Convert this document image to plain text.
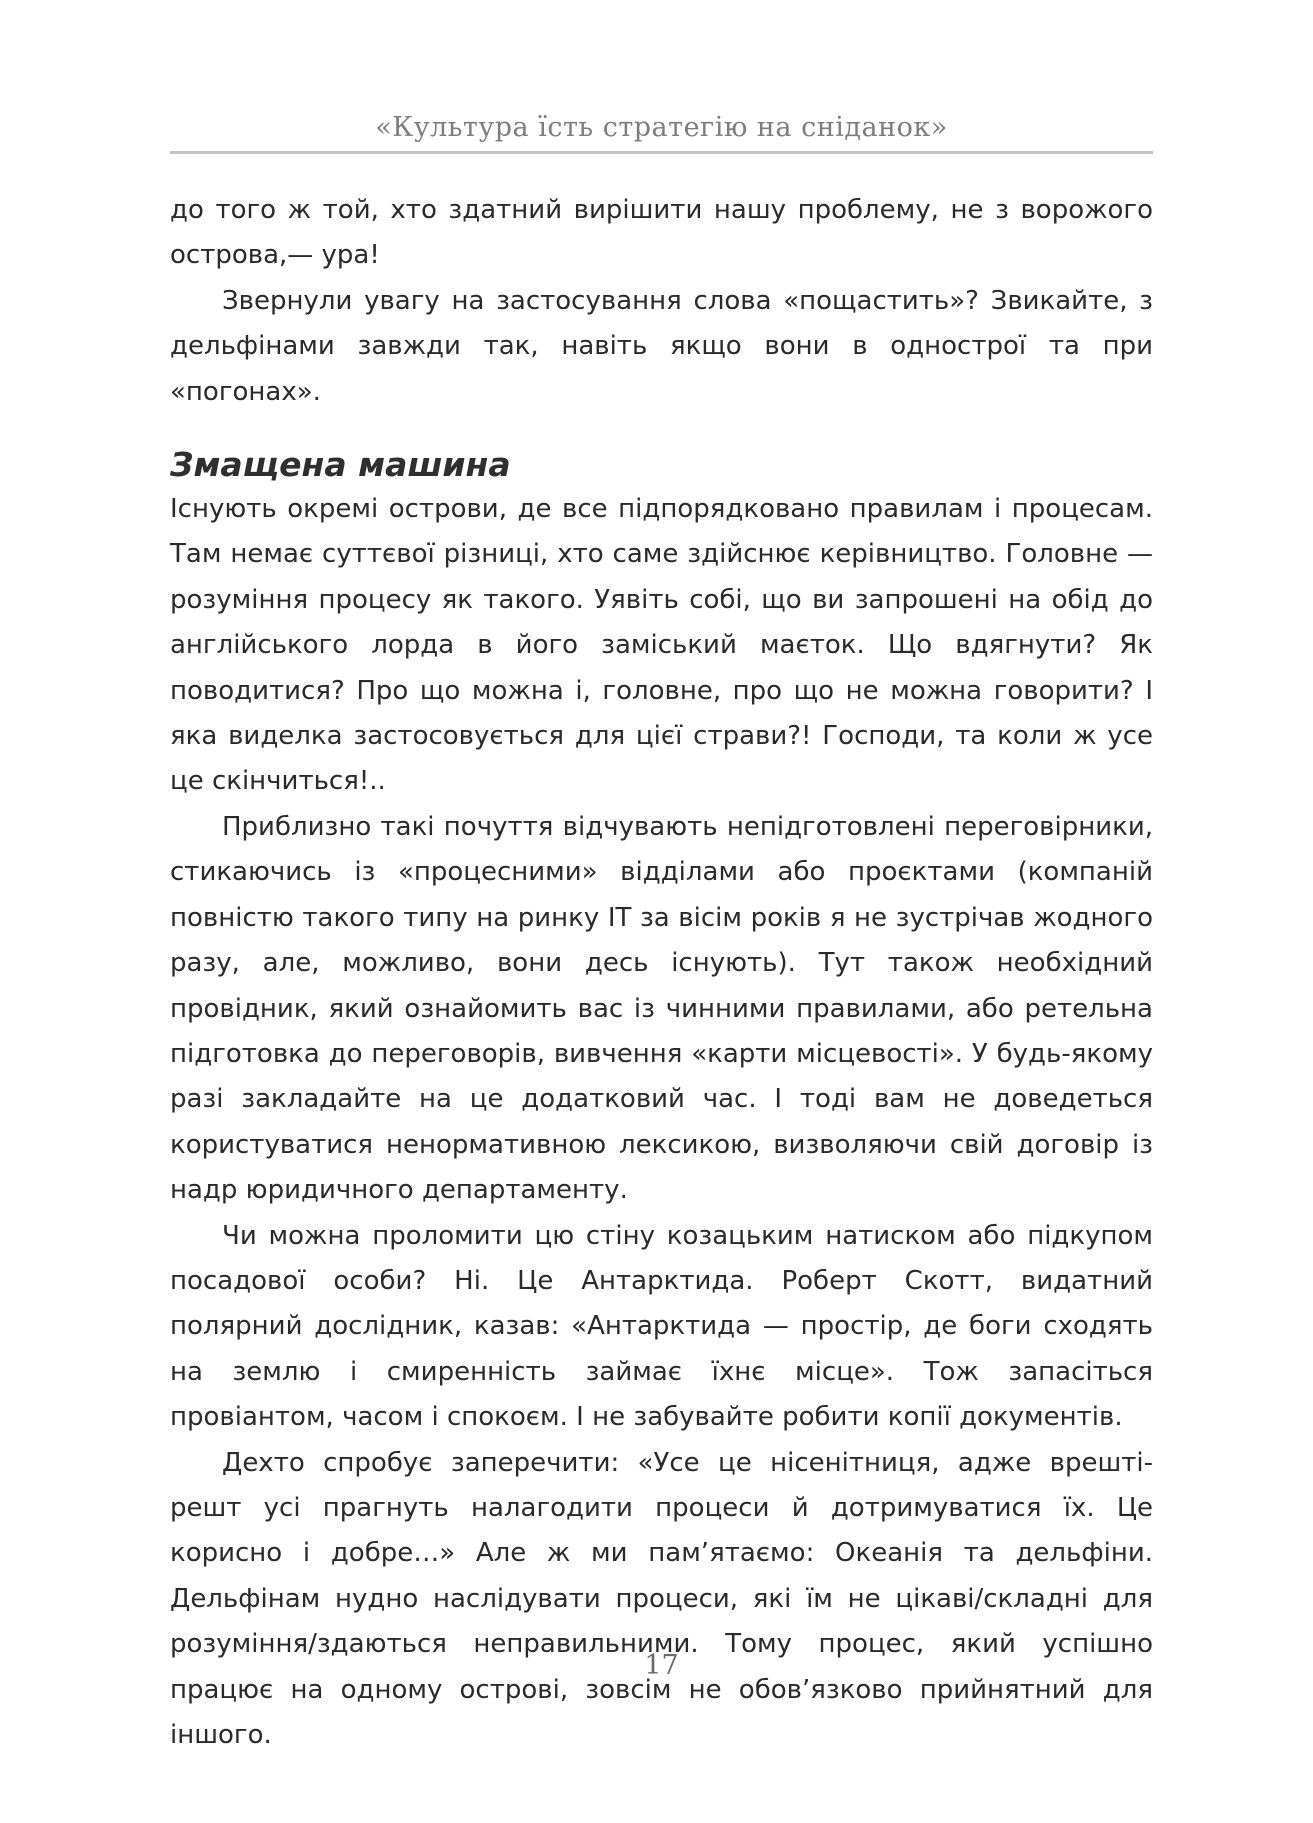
«Культура їсть стратегію на сніданок»

до того ж той, хто здатний вирішити нашу проблему, не з ворожого острова,— ура!

Звернули увагу на застосування слова «пощастить»? Звикайте, з дельфінами завжди так, навіть якщо вони в однострої та при «погонах».

Змащена машина

Існують окремі острови, де все підпорядковано правилам і процесам. Там немає суттєвої різниці, хто саме здійснює керівництво. Головне — розуміння процесу як такого. Уявіть собі, що ви запрошені на обід до англійського лорда в його заміський маєток. Що вдягнути? Як поводитися? Про що можна і, головне, про що не можна говорити? І яка виделка застосовується для цієї страви?! Господи, та коли ж усе це скінчиться!..

Приблизно такі почуття відчувають непідготовлені переговірники, стикаючись із «процесними» відділами або проєктами (компаній повністю такого типу на ринку IT за вісім років я не зустрічав жодного разу, але, можливо, вони десь існують). Тут також необхідний провідник, який ознайомить вас із чинними правилами, або ретельна підготовка до переговорів, вивчення «карти місцевості». У будь-якому разі закладайте на це додатковий час. І тоді вам не доведеться користуватися ненормативною лексикою, визволяючи свій договір із надр юридичного департаменту.

Чи можна проломити цю стіну козацьким натиском або підкупом посадової особи? Ні. Це Антарктида. Роберт Скотт, видатний полярний дослідник, казав: «Антарктида — простір, де боги сходять на землю і смиренність займає їхнє місце». Тож запасіться провіантом, часом і спокоєм. І не забувайте робити копії документів.

Дехто спробує заперечити: «Усе це нісенітниця, адже врешті-решт усі прагнуть налагодити процеси й дотримуватися їх. Це корисно і добре…» Але ж ми пам’ятаємо: Океанія та дельфіни. Дельфінам нудно наслідувати процеси, які їм не цікаві/складні для розуміння/здаються неправильними. Тому процес, який успішно працює на одному острові, зовсім не обов’язково прийнятний для іншого.

17
